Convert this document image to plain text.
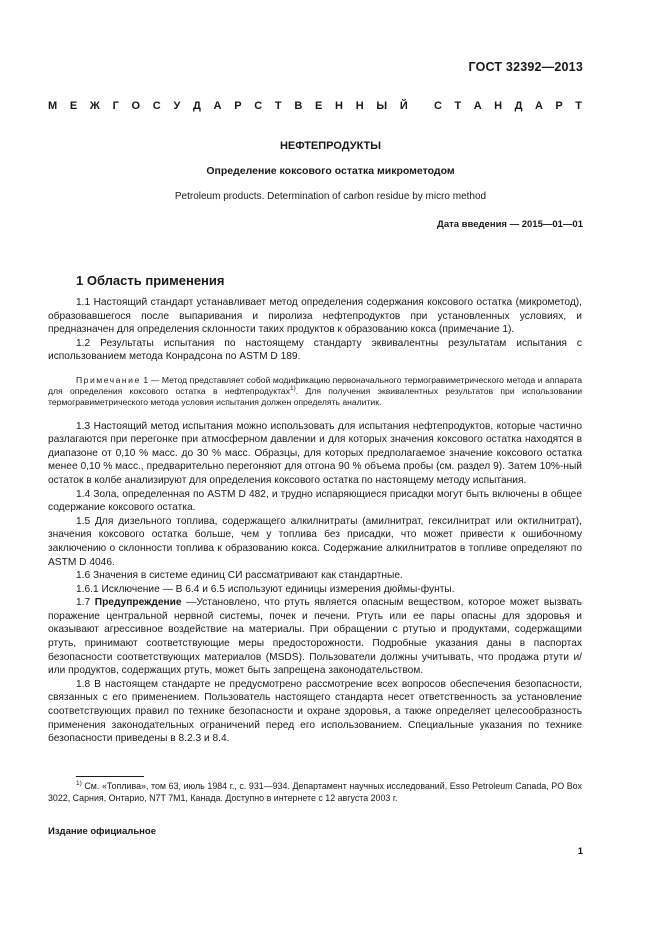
ГОСТ 32392—2013
М Е Ж Г О С У Д А Р С Т В Е Н Н Ы Й С Т А Н Д А Р Т
НЕФТЕПРОДУКТЫ
Определение коксового остатка микрометодом
Petroleum products. Determination of carbon residue by micro method
Дата введения — 2015—01—01
1 Область применения

1.1 Настоящий стандарт устанавливает метод определения содержания коксового остатка (микрометод), образовавшегося после выпаривания и пиролиза нефтепродуктов при установленных условиях, и предназначен для определения склонности таких продуктов к образованию кокса (примечание 1).

1.2 Результаты испытания по настоящему стандарту эквивалентны результатам испытания с использованием метода Конрадсона по ASTM D 189.

Примечание 1 — Метод представляет собой модификацию первоначального термогравиметрического метода и аппарата для определения коксового остатка в нефтепродуктах$^{1)}$. Для получения эквивалентных результатов при использовании термогравиметрического метода условия испытания должен определять аналитик.

1.3 Настоящий метод испытания можно использовать для испытания нефтепродуктов, которые частично разлагаются при перегонке при атмосферном давлении и для которых значения коксового остатка находятся в диапазоне от 0,10 % масс. до 30 % масс. Образцы, для которых предполагаемое значение коксового остатка менее 0,10 % масс., предварительно перегоняют для отгона 90 % объема пробы (см. раздел 9). Затем 10%-ный остаток в колбе анализируют для определения коксового остатка по настоящему методу испытания.

1.4 Зола, определенная по ASTM D 482, и трудно испаряющиеся присадки могут быть включены в общее содержание коксового остатка.

1.5 Для дизельного топлива, содержащего алкилнитраты (амилнитрат, гексилнитрат или октилнитрат), значения коксового остатка больше, чем у топлива без присадки, что может привести к ошибочному заключению о склонности топлива к образованию кокса. Содержание алкилнитратов в топливе определяют по ASTM D 4046.

1.6 Значения в системе единиц СИ рассматривают как стандартные.

1.6.1 Исключение — В 6.4 и 6.5 используют единицы измерения дюймы-фунты.

1.7 Предупреждение —Установлено, что ртуть является опасным веществом, которое может вызвать поражение центральной нервной системы, почек и печени. Ртуть или ее пары опасны для здоровья и оказывают агрессивное воздействие на материалы. При обращении с ртутью и продуктами, содержащими ртуть, принимают соответствующие меры предосторожности. Подробные указания даны в паспортах безопасности соответствующих материалов (MSDS). Пользователи должны учитывать, что продажа ртути и/или продуктов, содержащих ртуть, может быть запрещена законодательством.

1.8 В настоящем стандарте не предусмотрено рассмотрение всех вопросов обеспечения безопасности, связанных с его применением. Пользователь настоящего стандарта несет ответственность за установление соответствующих правил по технике безопасности и охране здоровья, а также определяет целесообразность применения законодательных ограничений перед его использованием. Специальные указания по технике безопасности приведены в 8.2.3 и 8.4.

$^{1)}$ См. «Топлива», том 63, июль 1984 г., с. 931—934. Департамент научных исследований, Esso Petroleum Canada, PO Box 3022, Сарния, Онтарио, N7T 7M1, Канада. Доступно в интернете с 12 августа 2003 г.
Издание официальное
1
